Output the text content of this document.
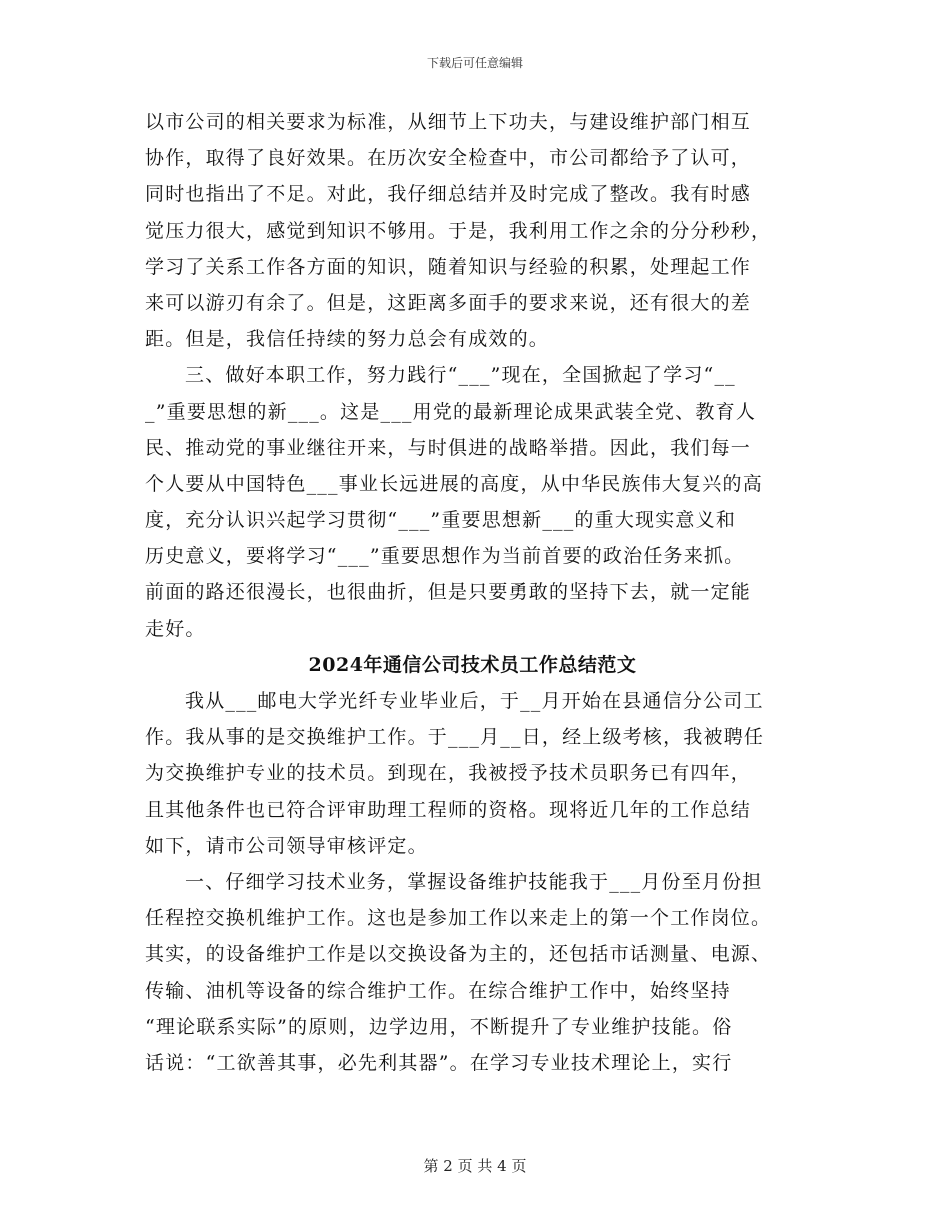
下载后可任意编辑
以市公司的相关要求为标准，从细节上下功夫，与建设维护部门相互
协作，取得了良好效果。在历次安全检查中，市公司都给予了认可，
同时也指出了不足。对此，我仔细总结并及时完成了整改。我有时感
觉压力很大，感觉到知识不够用。于是，我利用工作之余的分分秒秒，
学习了关系工作各方面的知识，随着知识与经验的积累，处理起工作
来可以游刃有余了。但是，这距离多面手的要求来说，还有很大的差
距。但是，我信任持续的努力总会有成效的。
三、做好本职工作，努力践行“___”现在，全国掀起了学习“__
_”重要思想的新___。这是___用党的最新理论成果武装全党、教育人
民、推动党的事业继往开来，与时俱进的战略举措。因此，我们每一
个人要从中国特色___事业长远进展的高度，从中华民族伟大复兴的高
度，充分认识兴起学习贯彻“___”重要思想新___的重大现实意义和
历史意义，要将学习“___”重要思想作为当前首要的政治任务来抓。
前面的路还很漫长，也很曲折，但是只要勇敢的坚持下去，就一定能
走好。
2024年通信公司技术员工作总结范文
我从___邮电大学光纤专业毕业后，于__月开始在县通信分公司工
作。我从事的是交换维护工作。于___月__日，经上级考核，我被聘任
为交换维护专业的技术员。到现在，我被授予技术员职务已有四年，
且其他条件也已符合评审助理工程师的资格。现将近几年的工作总结
如下，请市公司领导审核评定。
一、仔细学习技术业务，掌握设备维护技能我于___月份至月份担
任程控交换机维护工作。这也是参加工作以来走上的第一个工作岗位。
其实，的设备维护工作是以交换设备为主的，还包括市话测量、电源、
传输、油机等设备的综合维护工作。在综合维护工作中，始终坚持
“理论联系实际”的原则，边学边用，不断提升了专业维护技能。俗
话说：“工欲善其事，必先利其器”。在学习专业技术理论上，实行
第 2 页 共 4 页
